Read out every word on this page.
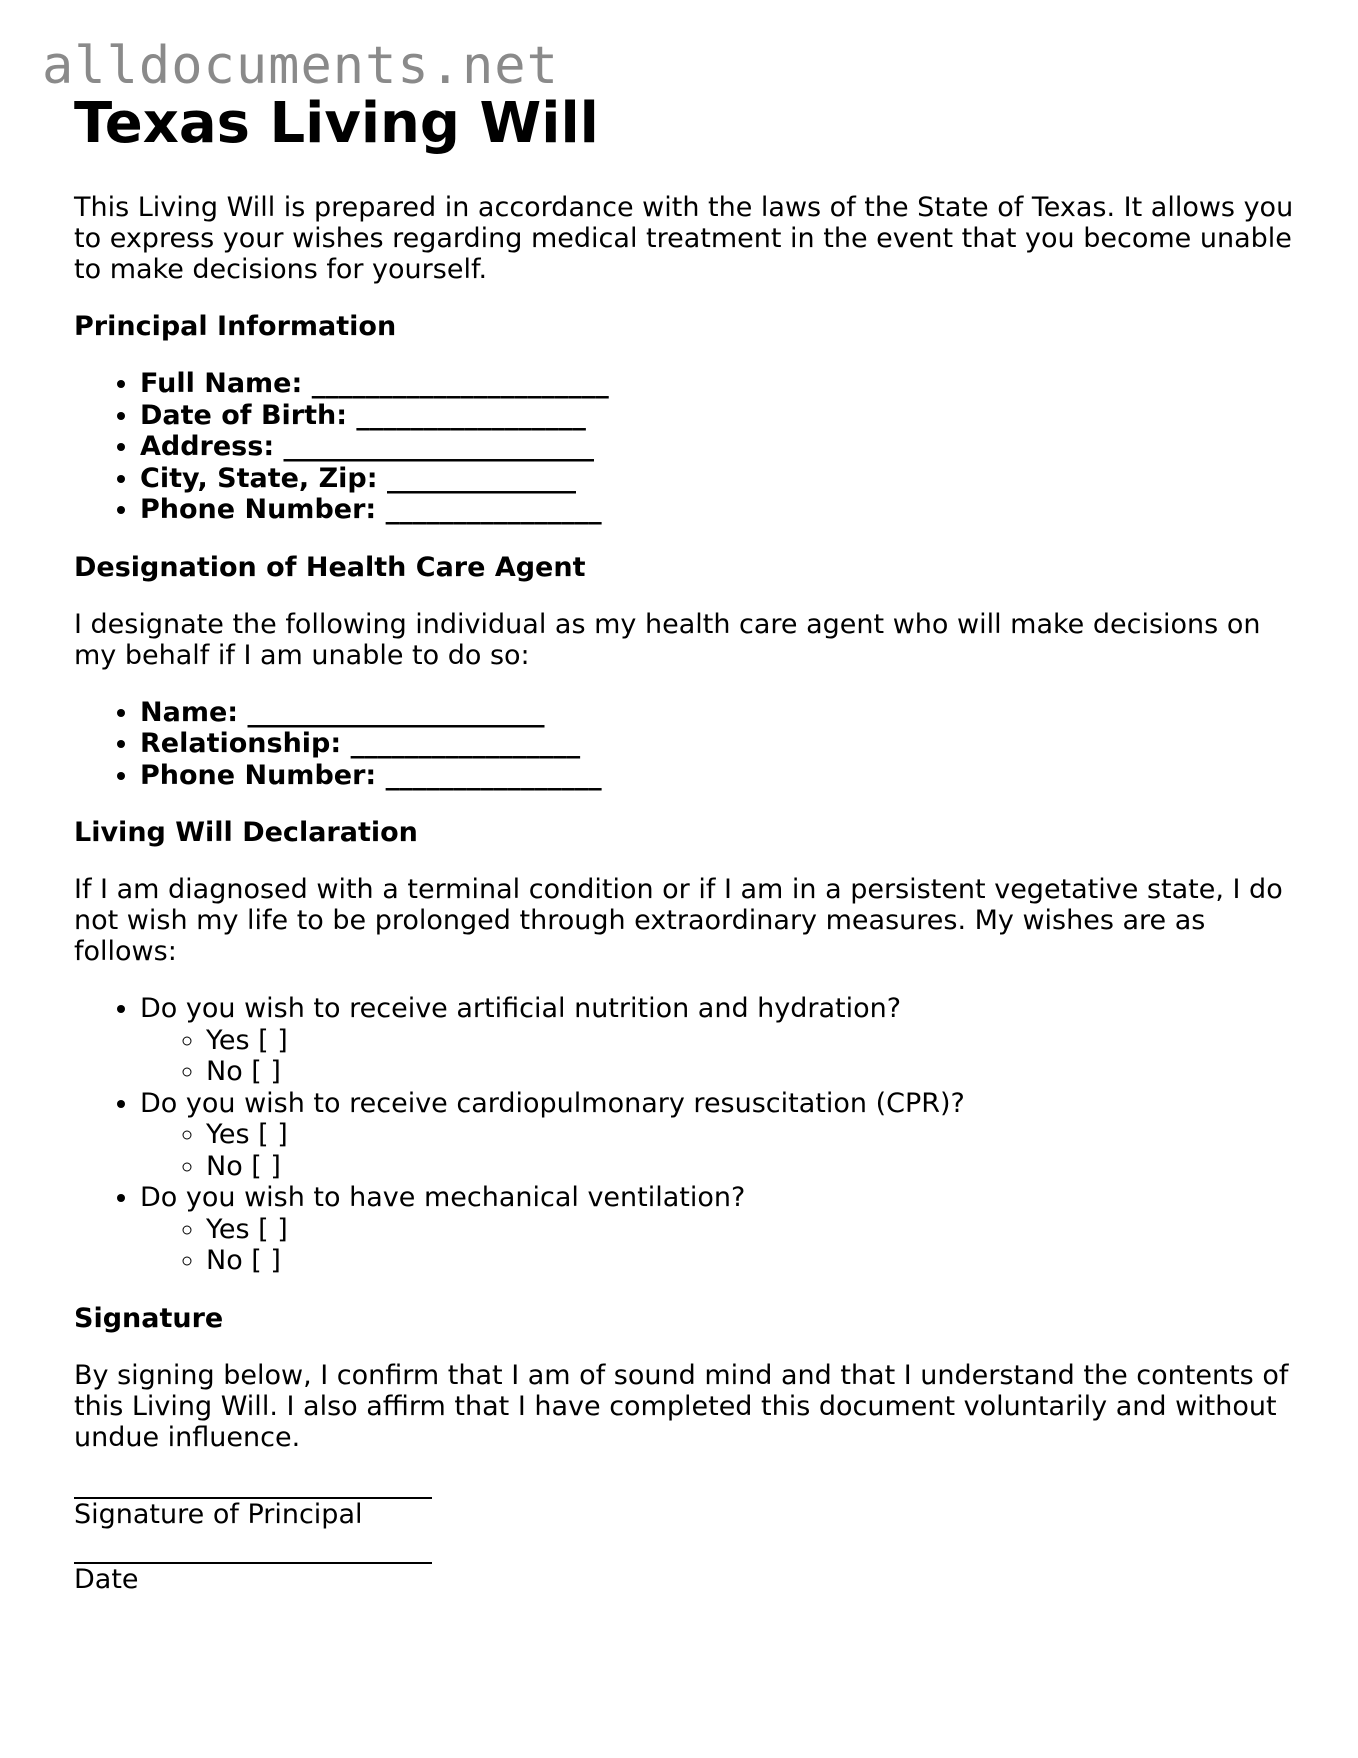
alldocuments.net
Texas Living Will

This Living Will is prepared in accordance with the laws of the State of Texas. It allows you to express your wishes regarding medical treatment in the event that you become unable to make decisions for yourself.

Principal Information
• Full Name: ______________________
• Date of Birth: _________________
• Address: _______________________
• City, State, Zip: ______________
• Phone Number: ________________
Designation of Health Care Agent

I designate the following individual as my health care agent who will make decisions on my behalf if I am unable to do so:

• Name: ______________________
• Relationship: _________________
• Phone Number: ________________
Living Will Declaration

If I am diagnosed with a terminal condition or if I am in a persistent vegetative state, I do not wish my life to be prolonged through extraordinary measures. My wishes are as follows:

• Do you wish to receive artificial nutrition and hydration?
◦ Yes [ ]
◦ No [ ]
• Do you wish to receive cardiopulmonary resuscitation (CPR)?
◦ Yes [ ]
◦ No [ ]
• Do you wish to have mechanical ventilation?
◦ Yes [ ]
◦ No [ ]
Signature

By signing below, I confirm that I am of sound mind and that I understand the contents of this Living Will. I also affirm that I have completed this document voluntarily and without undue influence.

Signature of Principal
Date
